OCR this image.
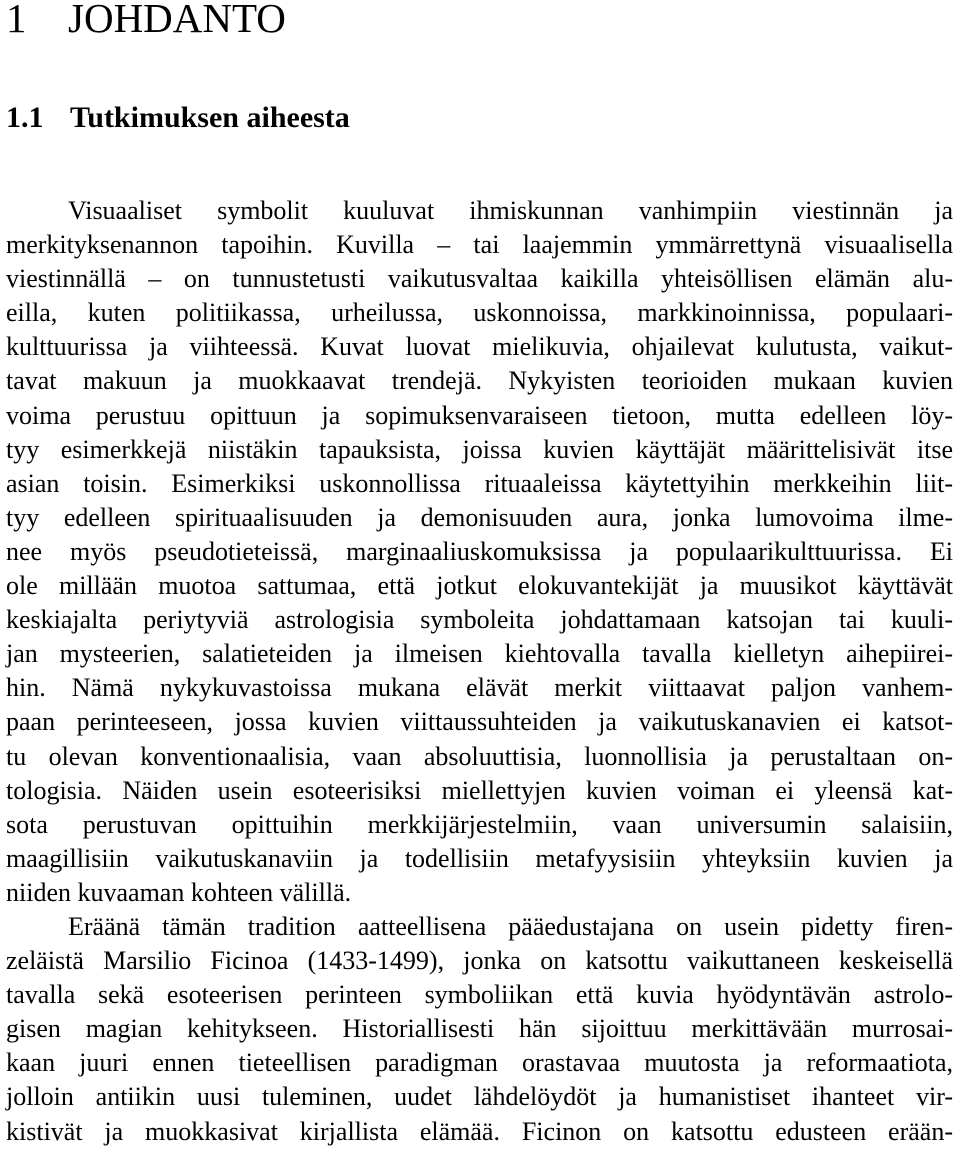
1 JOHDANTO
1.1 Tutkimuksen aiheesta
Visuaaliset symbolit kuuluvat ihmiskunnan vanhimpiin viestinnän ja
merkityksenannon tapoihin. Kuvilla – tai laajemmin ymmärrettynä visuaalisella
viestinnällä – on tunnustetusti vaikutusvaltaa kaikilla yhteisöllisen elämän alu-
eilla, kuten politiikassa, urheilussa, uskonnoissa, markkinoinnissa, populaari-
kulttuurissa ja viihteessä. Kuvat luovat mielikuvia, ohjailevat kulutusta, vaikut-
tavat makuun ja muokkaavat trendejä. Nykyisten teorioiden mukaan kuvien
voima perustuu opittuun ja sopimuksenvaraiseen tietoon, mutta edelleen löy-
tyy esimerkkejä niistäkin tapauksista, joissa kuvien käyttäjät määrittelisivät itse
asian toisin. Esimerkiksi uskonnollissa rituaaleissa käytettyihin merkkeihin liit-
tyy edelleen spirituaalisuuden ja demonisuuden aura, jonka lumovoima ilme-
nee myös pseudotieteissä, marginaaliuskomuksissa ja populaarikulttuurissa. Ei
ole millään muotoa sattumaa, että jotkut elokuvantekijät ja muusikot käyttävät
keskiajalta periytyviä astrologisia symboleita johdattamaan katsojan tai kuuli-
jan mysteerien, salatieteiden ja ilmeisen kiehtovalla tavalla kielletyn aihepiirei-
hin. Nämä nykykuvastoissa mukana elävät merkit viittaavat paljon vanhem-
paan perinteeseen, jossa kuvien viittaussuhteiden ja vaikutuskanavien ei katsot-
tu olevan konventionaalisia, vaan absoluuttisia, luonnollisia ja perustaltaan on-
tologisia. Näiden usein esoteerisiksi miellettyjen kuvien voiman ei yleensä kat-
sota perustuvan opittuihin merkkijärjestelmiin, vaan universumin salaisiin,
maagillisiin vaikutuskanaviin ja todellisiin metafyysisiin yhteyksiin kuvien ja
niiden kuvaaman kohteen välillä.
Eräänä tämän tradition aatteellisena pääedustajana on usein pidetty firen-
zeläistä Marsilio Ficinoa (1433-1499), jonka on katsottu vaikuttaneen keskeisellä
tavalla sekä esoteerisen perinteen symboliikan että kuvia hyödyntävän astrolo-
gisen magian kehitykseen. Historiallisesti hän sijoittuu merkittävään murrosai-
kaan juuri ennen tieteellisen paradigman orastavaa muutosta ja reformaatiota,
jolloin antiikin uusi tuleminen, uudet lähdelöydöt ja humanistiset ihanteet vir-
kistivät ja muokkasivat kirjallista elämää. Ficinon on katsottu edusteen erään-
